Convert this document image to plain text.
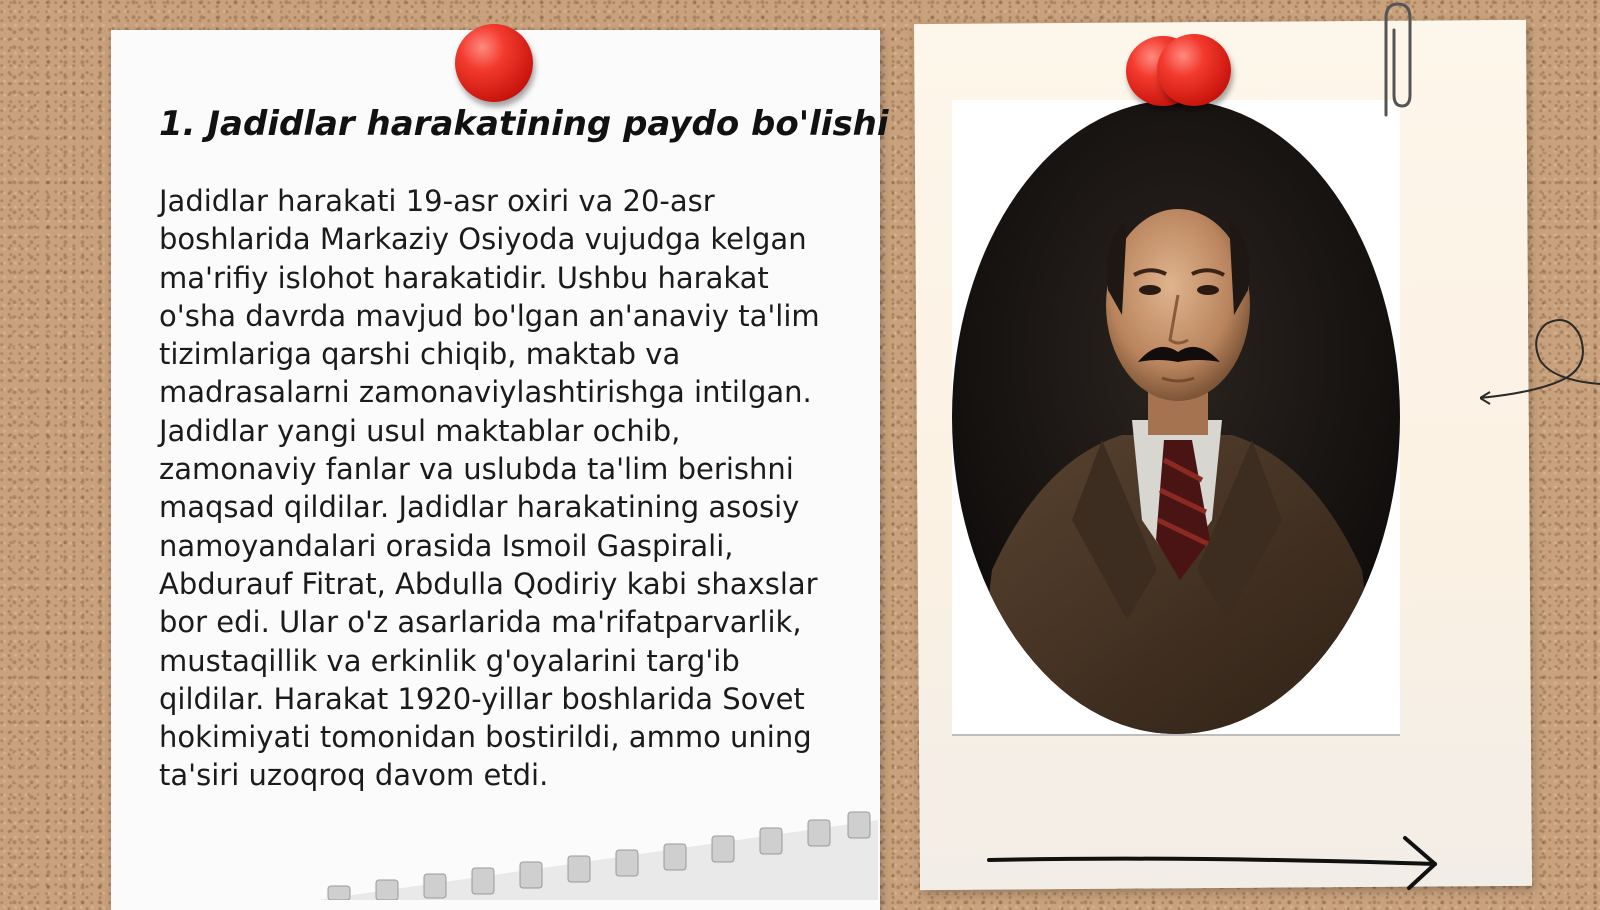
1. Jadidlar harakatining paydo bo'lishi

Jadidlar harakati 19-asr oxiri va 20-asr boshlarida Markaziy Osiyoda vujudga kelgan ma'rifiy islohot harakatidir. Ushbu harakat o'sha davrda mavjud bo'lgan an'anaviy ta'lim tizimlariga qarshi chiqib, maktab va madrasalarni zamonaviylashtirishga intilgan. Jadidlar yangi usul maktablar ochib, zamonaviy fanlar va uslubda ta'lim berishni maqsad qildilar. Jadidlar harakatining asosiy namoyandalari orasida Ismoil Gaspirali, Abdurauf Fitrat, Abdulla Qodiriy kabi shaxslar bor edi. Ular o'z asarlarida ma'rifatparvarlik, mustaqillik va erkinlik g'oyalarini targ'ib qildilar. Harakat 1920-yillar boshlarida Sovet hokimiyati tomonidan bostirildi, ammo uning ta'siri uzoqroq davom etdi.
